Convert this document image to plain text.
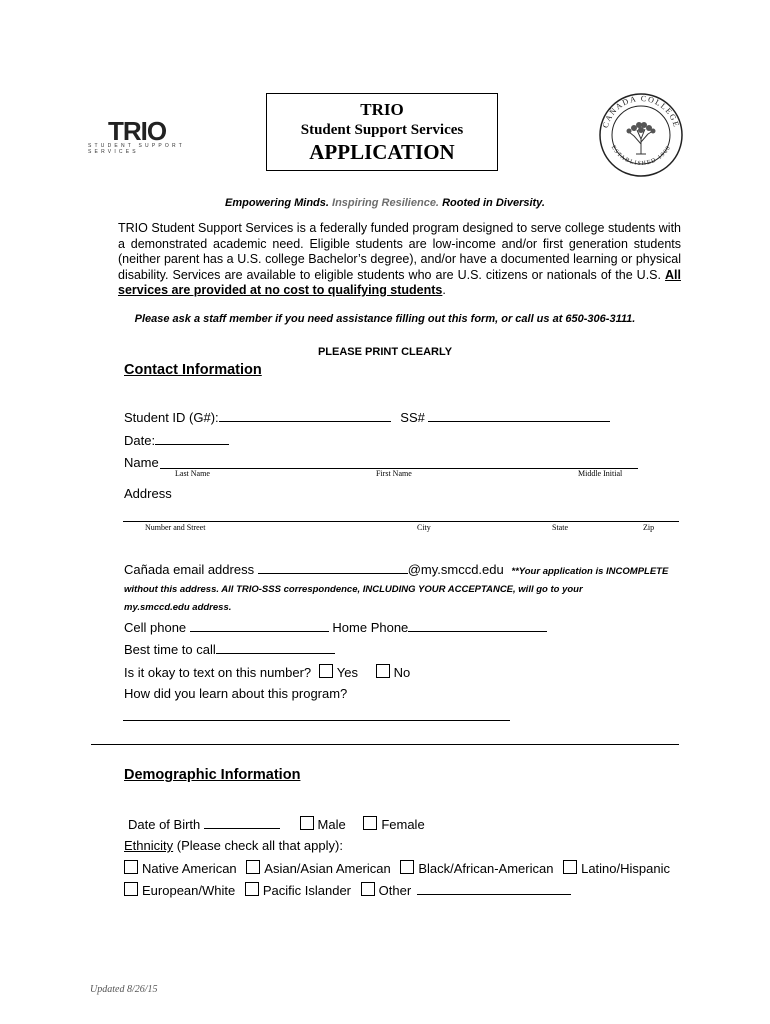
TRIO
STUDENT SUPPORT SERVICES
TRIO
Student Support Services
APPLICATION
CAÑADA COLLEGE
ESTABLISHED 1968
Empowering Minds. Inspiring Resilience. Rooted in Diversity.
TRIO Student Support Services is a federally funded program designed to serve college students with a demonstrated academic need. Eligible students are low-income and/or first generation students (neither parent has a U.S. college Bachelor’s degree), and/or have a documented learning or physical disability. Services are available to eligible students who are U.S. citizens or nationals of the U.S. All services are provided at no cost to qualifying students.
Please ask a staff member if you need assistance filling out this form, or call us at 650-306-3111.
PLEASE PRINT CLEARLY
Contact Information
Student ID (G#):	SS#
Date:
Name
Last Name	First Name	Middle Initial
Address
Number and Street	City	State	Zip
Cañada email address	@my.smccd.edu **Your application is INCOMPLETE
without this address. All TRIO-SSS correspondence, INCLUDING YOUR ACCEPTANCE, will go to your
my.smccd.edu address.
Cell phone	Home Phone
Best time to call
Is it okay to text on this number? Yes	No
How did you learn about this program?
Demographic Information
Date of Birth	Male	Female
Ethnicity (Please check all that apply):
Native American Asian/Asian American Black/African-American Latino/Hispanic
European/White Pacific Islander Other
Updated 8/26/15
